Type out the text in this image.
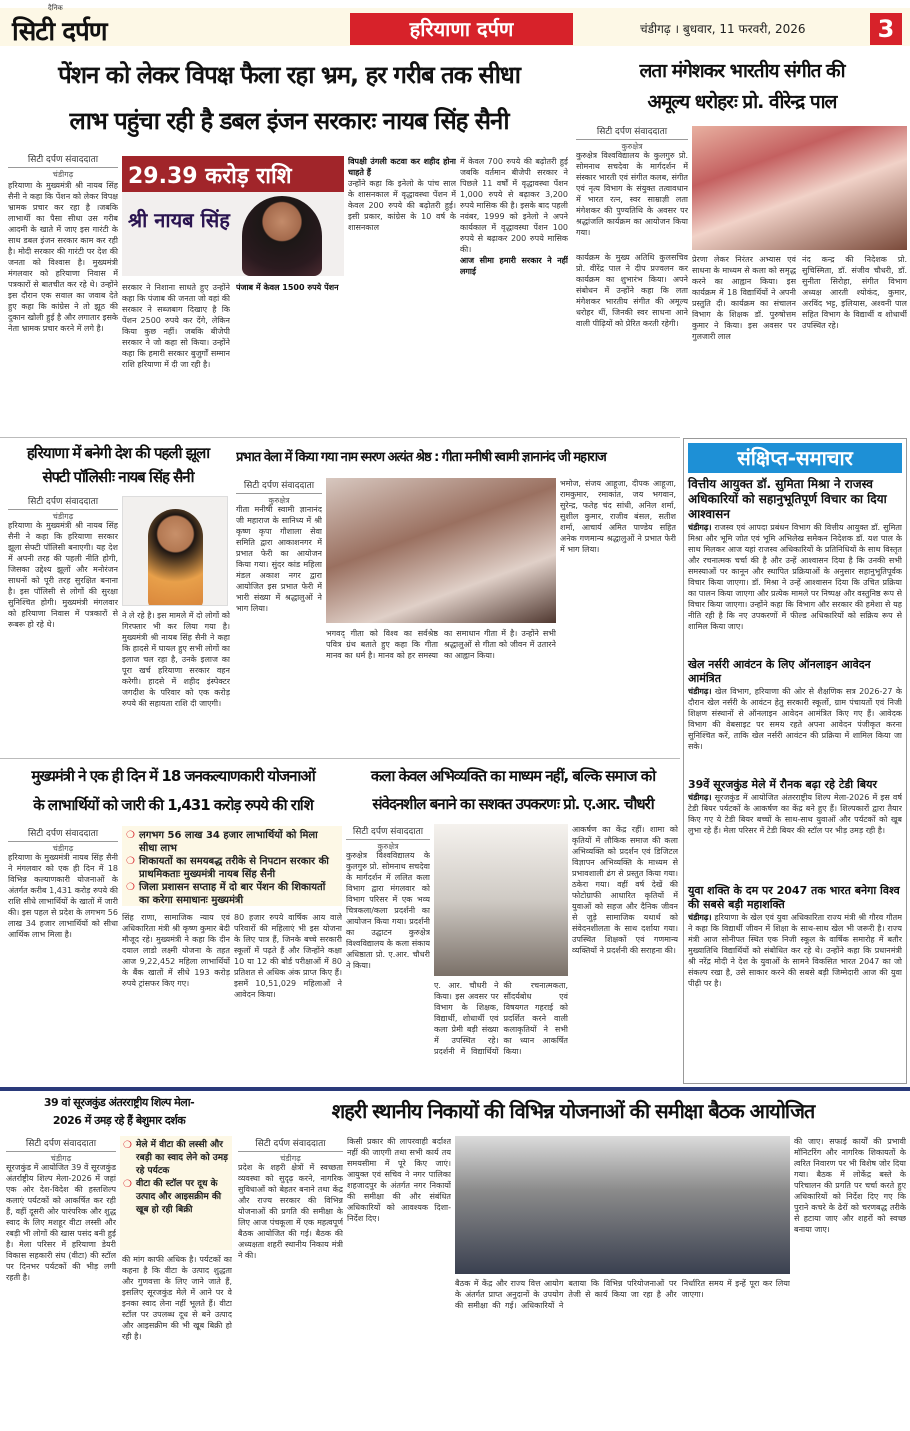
दैनिक
सिटी दर्पण	हरियाणा दर्पण	चंडीगढ़ । बुधवार, 11 फरवरी, 2026	3
पेंशन को लेकर विपक्ष फैला रहा भ्रम, हर गरीब तक सीधा
लाभ पहुंचा रही है डबल इंजन सरकारः नायब सिंह सैनी
सिटी दर्पण संवाददाता
चंडीगढ़
हरियाणा के मुख्यमंत्री श्री नायब सिंह सैनी ने कहा कि पेंशन को लेकर विपक्ष भ्रामक प्रचार कर रहा है ।जबकि लाभार्थी का पैसा सीधा उस गरीब आदमी के खाते में जाए इस गारंटी के साथ डबल इंजन सरकार काम कर रही है। मोदी सरकार की गारंटी पर देश की जनता को विश्वास है। मुख्यमंत्री मंगलवार को हरियाणा निवास में पत्रकारों से बातचीत कर रहे थे। उन्होंने इस दौरान एक सवाल का जवाब देते हुए कहा कि कांग्रेस ने तो झूठ की दुकान खोली हुई है और लगातार इसके नेता भ्रामक प्रचार करने में लगे है।
29.39 करोड़ राशि
श्री नायब सिंह
सरकार ने निशाना साधते हुए उन्होंने कहा कि पंजाब की जनता जो वहां की सरकार ने सब्जबाग दिखाए है कि पेंशन 2500 रुपये कर देंगे, लेकिन किया कुछ नहीं। जबकि बीजेपी सरकार ने जो कहा सो किया। उन्होंने कहा कि हमारी सरकार बुजुर्गों सम्मान राशि हरियाणा में दी जा रही है।
पंजाब में केवल 1500 रुपये पेंशन
विपक्षी उंगली कटवा कर शहीद होना चाहते हैं
उन्होंने कहा कि इनेलो के पांच साल के शासनकाल में वृद्धावस्था पेंशन में केवल 200 रुपये की बढ़ोतरी हुई। इसी प्रकार, कांग्रेस के 10 वर्ष के शासनकाल
में केवल 700 रुपये की बढ़ोतरी हुई जबकि वर्तमान बीजेपी सरकार ने पिछले 11 वर्षों में वृद्धावस्था पेंशन 1,000 रुपये से बढ़ाकर 3,200 रुपये मासिक की है। इसके बाद पहली नवंबर, 1999 को इनेलो ने अपने कार्यकाल में वृद्धावस्था पेंशन 100 रुपये से बढ़ाकर 200 रुपये मासिक की।
आज सीमा हमारी सरकार ने नहीं लगाई
लता मंगेशकर भारतीय संगीत की
अमूल्य धरोहरः प्रो. वीरेन्द्र पाल
सिटी दर्पण संवाददाता
कुरुक्षेत्र
कुरुक्षेत्र विश्वविद्यालय के कुलगुरु प्रो. सोमनाथ सचदेवा के मार्गदर्शन में संस्कार भारती एवं संगीत कलब, संगीत एवं नृत्य विभाग के संयुक्त तत्वावधान में भारत रत्न, स्वर साम्राज्ञी लता मंगेशकर की पुण्यतिथि के अवसर पर श्रद्धांजलि कार्यक्रम का आयोजन किया गया।
कार्यक्रम के मुख्य अतिथि कुलसचिव प्रो. वीरेंद्र पाल ने दीप प्रज्वलन कर कार्यक्रम का शुभारंभ किया। अपने संबोधन में उन्होंने कहा कि लता मंगेशकर भारतीय संगीत की अमूल्य धरोहर थीं, जिनकी स्वर साधना आने वाली पीढ़ियों को प्रेरित करती रहेगी।
प्रेरणा लेकर निरंतर अभ्यास एवं साधना के माध्यम से कला को समृद्ध करने का आह्वान किया। इस कार्यक्रम में 18 विद्यार्थियों ने अपनी प्रस्तुति दी। कार्यक्रम का संचालन विभाग के शिक्षक डॉ. पुरुषोत्तम कुमार ने किया। इस अवसर पर गुलजारी लाल
नंद कन्द्र की निदेशक प्रो. सुचिस्मिता, डॉ. संजीव चौधरी, डॉ. सुनीता सिरोहा, संगीत विभाग अध्यक्ष आरती श्योकंद, कुमार, अरविंद भट्ट, इलियास, अश्वनी पाल सहित विभाग के विद्यार्थी व शोधार्थी उपस्थित रहे।
हरियाणा में बनेगी देश की पहली झूला
सेफ्टी पॉलिसीः नायब सिंह सैनी
सिटी दर्पण संवाददाता
चंडीगढ़
हरियाणा के मुख्यमंत्री श्री नायब सिंह सैनी ने कहा कि हरियाणा सरकार झूला सेफ्टी पॉलिसी बनाएगी। यह देश में अपनी तरह की पहली नीति होगी, जिसका उद्देश्य झूलों और मनोरंजन साधनों को पूरी तरह सुरक्षित बनाना है। इस पॉलिसी से लोगों की सुरक्षा सुनिश्चित होगी। मुख्यमंत्री मंगलवार को हरियाणा निवास में पत्रकारों से रूबरू हो रहे थे।
ने ले रहे है। इस मामले में दो लोगों को गिरफ्तार भी कर लिया गया है। मुख्यमंत्री श्री नायब सिंह सैनी ने कहा कि हादसे में घायल हुए सभी लोगों का इलाज चल रहा है, उनके इलाज का पूरा खर्च हरियाणा सरकार वहन करेगी। हादसे में शहीद इंस्पेक्टर जगदीश के परिवार को एक करोड़ रुपये की सहायता राशि दी जाएगी।
प्रभात वेला में किया गया नाम स्मरण अत्यंत श्रेष्ठ : गीता मनीषी स्वामी ज्ञानानंद जी महाराज
सिटी दर्पण संवाददाता
कुरुक्षेत्र
गीता मनीषी स्वामी ज्ञानानंद जी महाराज के सानिध्य में श्री कृष्ण कृपा गौशाला सेवा समिति द्वारा आकाशनगर में प्रभात फेरी का आयोजन किया गया। सुंदर कांड महिला मंडल अकाश नगर द्वारा आयोजित इस प्रभात फेरी में भारी संख्या में श्रद्धालुओं ने भाग लिया।
भगवद् गीता को विश्व का सर्वश्रेष्ठ पवित्र ग्रंथ बताते हुए कहा कि गीता मानव का धर्म है। मानव को हर समस्या का समाधान गीता में है। उन्होंने सभी श्रद्धालुओं से गीता को जीवन में उतारने का आह्वान किया।
भमोज, संजय आहूजा, दीपक आहूजा, रामकुमार, रमाकांत, जय भगवान, सुरेन्द्र, फतेह चंद सांधी, अनिल शर्मा, सुशील कुमार, राजीव बंसल, सतीश शर्मा, आचार्य अमित पाण्डेय सहित अनेक गणमान्य श्रद्धालुओं ने प्रभात फेरी में भाग लिया।
संक्षिप्त-समाचार
वित्तीय आयुक्त डॉ. सुमिता मिश्रा ने राजस्व अधिकारियों को सहानुभूतिपूर्ण विचार का दिया आश्वासन
चंडीगढ़। राजस्व एवं आपदा प्रबंधन विभाग की वित्तीय आयुक्त डॉ. सुमिता मिश्रा और भूमि जोत एवं भूमि अभिलेख समेकन निदेशक डॉ. यश पाल के साथ मिलकर आज यहां राजस्व अधिकारियों के प्रतिनिधियों के साथ विस्तृत और रचनात्मक चर्चा की है और उन्हें आश्वासन दिया है कि उनकी सभी समस्याओं पर कानून और स्थापित प्रक्रियाओं के अनुसार सहानुभूतिपूर्वक विचार किया जाएगा। डॉ. मिश्रा ने उन्हें आश्वासन दिया कि उचित प्रक्रिया का पालन किया जाएगा और प्रत्येक मामले पर निष्पक्ष और वस्तुनिष्ठ रूप से विचार किया जाएगा। उन्होंने कहा कि विभाग और सरकार की हमेशा से यह नीति रही है कि नए उपकरणों में फील्ड अधिकारियों को सक्रिय रूप से शामिल किया जाए।
खेल नर्सरी आवंटन के लिए ऑनलाइन आवेदन आमंत्रित
चंडीगढ़। खेल विभाग, हरियाणा की ओर से शैक्षणिक सत्र 2026-27 के दौरान खेल नर्सरी के आवंटन हेतु सरकारी स्कूलों, ग्राम पंचायतों एवं निजी शिक्षण संस्थानों से ऑनलाइन आवेदन आमंत्रित किए गए हैं। आवेदक विभाग की वेबसाइट पर समय रहते अपना आवेदन पंजीकृत करना सुनिश्चित करें, ताकि खेल नर्सरी आवंटन की प्रक्रिया में शामिल किया जा सके।
39वें सूरजकुंड मेले में रौनक बढ़ा रहे टेडी बियर
चंडीगढ़। सूरजकुंड में आयोजित अंतरराष्ट्रीय शिल्प मेला-2026 में इस वर्ष टेडी बियर पर्यटकों के आकर्षण का केंद्र बने हुए हैं। शिल्पकारों द्वारा तैयार किए गए ये टेडी बियर बच्चों के साथ-साथ युवाओं और पर्यटकों को खूब लुभा रहे हैं। मेला परिसर में टेडी बियर की स्टॉल पर भीड़ उमड़ रही है।
युवा शक्ति के दम पर 2047 तक भारत बनेगा विश्व की सबसे बड़ी महाशक्ति
चंडीगढ़। हरियाणा के खेल एवं युवा अधिकारिता राज्य मंत्री श्री गौरव गौतम ने कहा कि विद्यार्थी जीवन में शिक्षा के साथ-साथ खेल भी जरूरी है। राज्य मंत्री आज सोनीपत स्थित एक निजी स्कूल के वार्षिक समारोह में बतौर मुख्यातिथि विद्यार्थियों को संबोधित कर रहे थे। उन्होंने कहा कि प्रधानमंत्री श्री नरेंद्र मोदी ने देश के युवाओं के सामने विकसित भारत 2047 का जो संकल्प रखा है, उसे साकार करने की सबसे बड़ी जिम्मेदारी आज की युवा पीढ़ी पर है।
मुख्यमंत्री ने एक ही दिन में 18 जनकल्याणकारी योजनाओं
के लाभार्थियों को जारी की 1,431 करोड़ रुपये की राशि
सिटी दर्पण संवाददाता
चंडीगढ़
हरियाणा के मुख्यमंत्री नायब सिंह सैनी ने मंगलवार को एक ही दिन में 18 विभिन्न कल्याणकारी योजनाओं के अंतर्गत करीब 1,431 करोड़ रुपये की राशि सीधे लाभार्थियों के खातों में जारी की। इस पहल से प्रदेश के लगभग 56 लाख 34 हजार लाभार्थियों को सीधा आर्थिक लाभ मिला है।
❍ लगभग 56 लाख 34 हजार लाभार्थियों को मिला सीधा लाभ
❍ शिकायतों का समयबद्ध तरीके से निपटान सरकार की प्राथमिकताः मुख्यमंत्री नायब सिंह सैनी
❍ जिला प्रशासन सप्ताह में दो बार पेंशन की शिकायतों का करेगा समाधानः मुख्यमंत्री
सिंह राणा, सामाजिक न्याय एवं अधिकारिता मंत्री श्री कृष्ण कुमार बेदी मौजूद रहे। मुख्यमंत्री ने कहा कि दीन दयाल लाडो लक्ष्मी योजना के तहत आज 9,22,452 महिला लाभार्थियों के बैंक खातों में सीधे 193 करोड़ रुपये ट्रांसफर किए गए।
80 हजार रुपये वार्षिक आय वाले परिवारों की महिलाएं भी इस योजना के लिए पात्र हैं, जिनके बच्चे सरकारी स्कूलों में पढ़ते हैं और जिन्होंने कक्षा 10 या 12 की बोर्ड परीक्षाओं में 80 प्रतिशत से अधिक अंक प्राप्त किए हैं। इसमें 10,51,029 महिलाओं ने आवेदन किया।
कला केवल अभिव्यक्ति का माध्यम नहीं, बल्कि समाज को
संवेदनशील बनाने का सशक्त उपकरणः प्रो. ए.आर. चौधरी
सिटी दर्पण संवाददाता
कुरुक्षेत्र
कुरुक्षेत्र विश्वविद्यालय के कुलगुरु प्रो. सोमनाथ सचदेवा के मार्गदर्शन में ललित कला विभाग द्वारा मंगलवार को विभाग परिसर में एक भव्य चित्रकला/कला प्रदर्शनी का आयोजन किया गया। प्रदर्शनी का उद्घाटन कुरुक्षेत्र विश्वविद्यालय के कला संकाय अधिष्ठाता प्रो. ए.आर. चौधरी ने किया।
ए. आर. चौधरी ने किया। इस अवसर पर विभाग के शिक्षक, विद्यार्थी, शोधार्थी एवं कला प्रेमी बड़ी संख्या में उपस्थित रहे। प्रदर्शनी में विद्यार्थियों की रचनात्मकता, सौंदर्यबोध एवं विषयगत गहराई को प्रदर्शित करने वाली कलाकृतियों ने सभी का ध्यान आकर्षित किया।
आकर्षण का केंद्र रहीं। शामा को कृतियों में लौकिक समाज की कला अभिव्यक्ति को प्रदर्शन एवं डिजिटल विज्ञापन अभिव्यक्ति के माध्यम से प्रभावशाली ढंग से प्रस्तुत किया गया। ठकेरा गया। वहीं वर्ष देखें की फोटोग्राफी आधारित कृतियों में युवाओं को सहज और दैनिक जीवन से जुड़े सामाजिक यथार्थ को संवेदनशीलता के साथ दर्शाया गया। उपस्थित शिक्षकों एवं गणमान्य व्यक्तियों ने प्रदर्शनी की सराहना की।
39 वां सूरजकुंड अंतरराष्ट्रीय शिल्प मेला-
2026 में उमड़ रहे हैं बेशुमार दर्शक
सिटी दर्पण संवाददाता
चंडीगढ़
सूरजकुंड में आयोजित 39 वें सूरजकुंड अंतर्राष्ट्रीय शिल्प मेला-2026 में जहां एक ओर देश-विदेश की हस्तशिल्प कलाएं पर्यटकों को आकर्षित कर रही हैं, वहीं दूसरी ओर पारंपरिक और शुद्ध स्वाद के लिए मशहूर वीटा लस्सी और रबड़ी भी लोगों की खास पसंद बनी हुई है। मेला परिसर में हरियाणा डेयरी विकास सहकारी संघ (वीटा) की स्टॉल पर दिनभर पर्यटकों की भीड़ लगी रहती है।
❍ मेले में वीटा की लस्सी और रबड़ी का स्वाद लेने को उमड़ रहे पर्यटक
❍ वीटा की स्टॉल पर दूध के उत्पाद और आइसक्रीम की खूब हो रही बिक्री
की मांग काफी अधिक है। पर्यटकों का कहना है कि वीटा के उत्पाद शुद्धता और गुणवत्ता के लिए जाने जाते हैं, इसलिए सूरजकुंड मेले में आने पर वे इनका स्वाद लेना नहीं भूलते हैं। वीटा स्टॉल पर उपलब्ध दूध से बने उत्पाद और आइसक्रीम की भी खूब बिक्री हो रही है।
शहरी स्थानीय निकायों की विभिन्न योजनाओं की समीक्षा बैठक आयोजित
सिटी दर्पण संवाददाता
चंडीगढ़
प्रदेश के शहरी क्षेत्रों में स्वच्छता व्यवस्था को सुदृढ़ करने, नागरिक सुविधाओं को बेहतर बनाने तथा केंद्र और राज्य सरकार की विभिन्न योजनाओं की प्रगति की समीक्षा के लिए आज पंचकूला में एक महत्वपूर्ण बैठक आयोजित की गई। बैठक की अध्यक्षता शहरी स्थानीय निकाय मंत्री ने की।
किसी प्रकार की लापरवाही बर्दाश्त नहीं की जाएगी तथा सभी कार्य तय समयसीमा में पूरे किए जाएं। आयुक्त एवं सचिव ने नगर पालिका शहजादपुर के अंतर्गत नगर निकायों की समीक्षा की और संबंधित अधिकारियों को आवश्यक दिशा-निर्देश दिए।
बैठक में केंद्र और राज्य वित्त आयोग के अंतर्गत प्राप्त अनुदानों के उपयोग की समीक्षा की गई। अधिकारियों ने बताया कि विभिन्न परियोजनाओं पर तेजी से कार्य किया जा रहा है और निर्धारित समय में इन्हें पूरा कर लिया जाएगा।
की जाए। सफाई कार्यों की प्रभावी मॉनिटरिंग और नागरिक शिकायतों के त्वरित निवारण पर भी विशेष जोर दिया गया। बैठक में लोकेंद्र बस्ते के परिचालन की प्रगति पर चर्चा करते हुए अधिकारियों को निर्देश दिए गए कि पुराने कचरे के ढेरों को चरणबद्ध तरीके से हटाया जाए और शहरों को स्वच्छ बनाया जाए।
